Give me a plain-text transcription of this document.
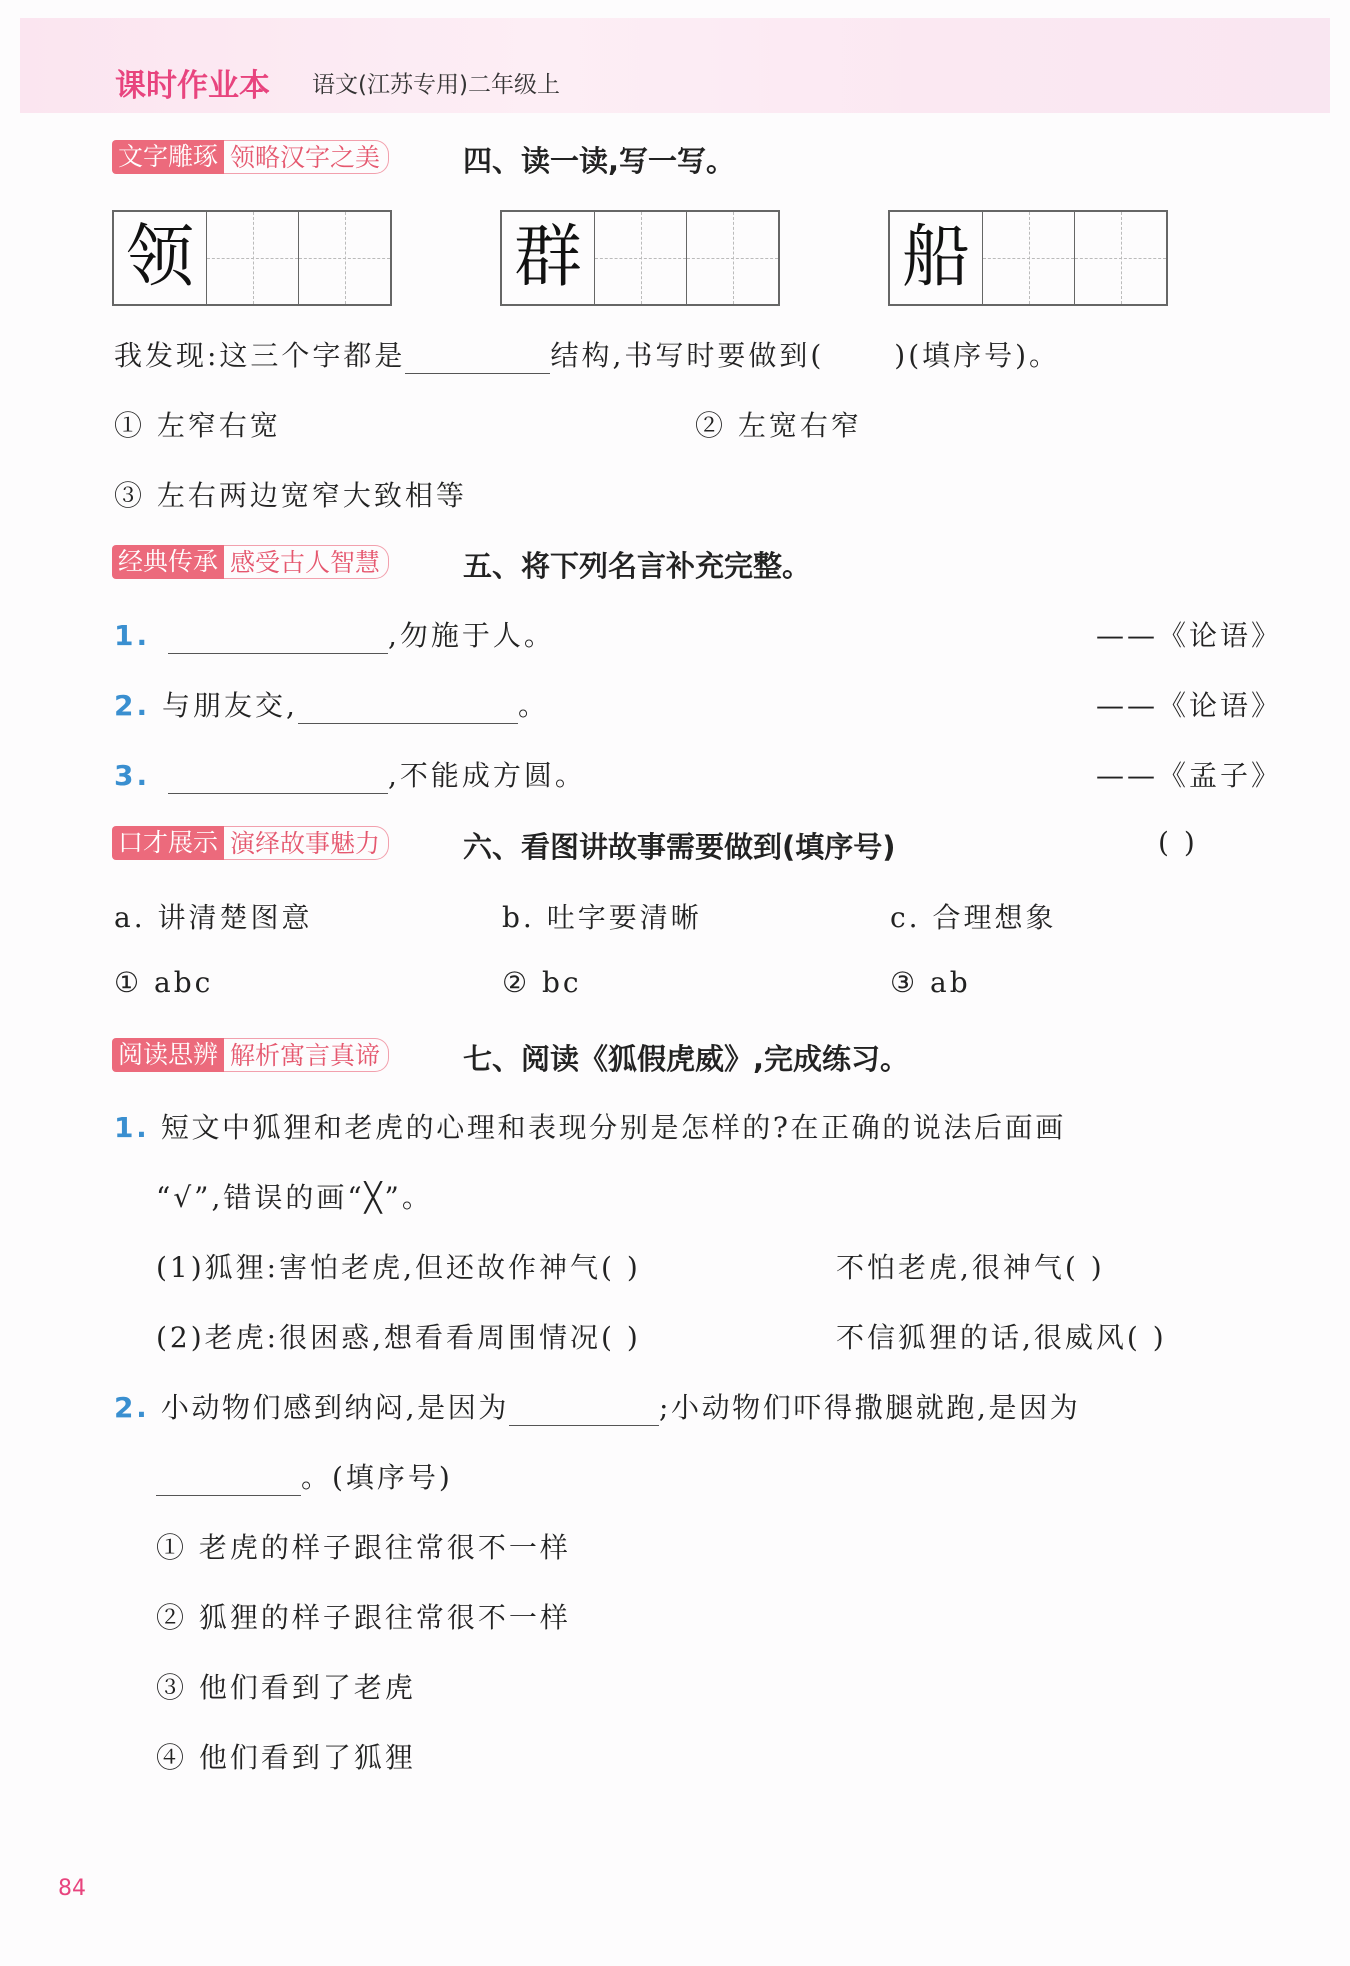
课时作业本 语文(江苏专用)二年级上
文字雕琢 领略汉字之美	四、读一读,写一写。
领	群	船
我发现:这三个字都是	结构,书写时要做到(	)(填序号)。
① 左窄右宽	② 左宽右窄
③ 左右两边宽窄大致相等
经典传承 感受古人智慧	五、将下列名言补充完整。
1.	,勿施于人。	——《论语》
2. 与朋友交,	。	——《论语》
3.	,不能成方圆。	——《孟子》
口才展示 演绎故事魅力	六、看图讲故事需要做到(填序号)	( )
a. 讲清楚图意	b. 吐字要清晰	c. 合理想象
① abc	② bc	③ ab
阅读思辨 解析寓言真谛	七、阅读《狐假虎威》,完成练习。
1. 短文中狐狸和老虎的心理和表现分别是怎样的?在正确的说法后面画
“√”,错误的画“╳”。
(1)狐狸:害怕老虎,但还故作神气( )	不怕老虎,很神气( )
(2)老虎:很困惑,想看看周围情况( )	不信狐狸的话,很威风( )
2. 小动物们感到纳闷,是因为	;小动物们吓得撒腿就跑,是因为
。(填序号)
① 老虎的样子跟往常很不一样
② 狐狸的样子跟往常很不一样
③ 他们看到了老虎
④ 他们看到了狐狸
84
